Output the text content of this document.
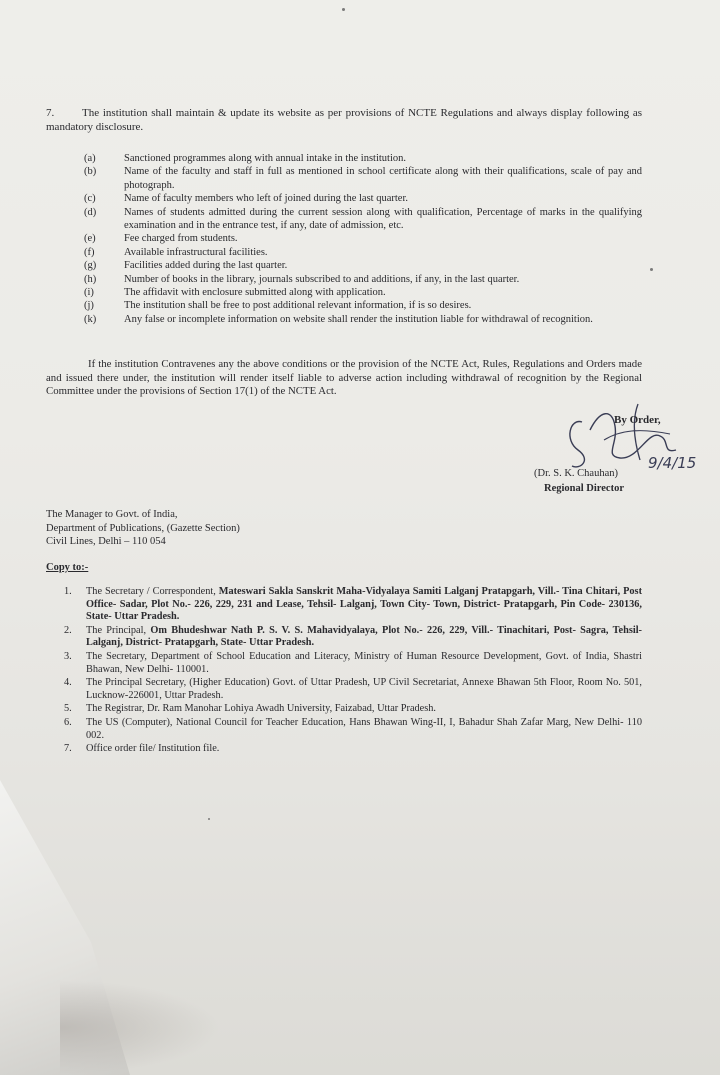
7.	The institution shall maintain & update its website as per provisions of NCTE Regulations and always display following as mandatory disclosure.
(a)	Sanctioned programmes along with annual intake in the institution.
(b)	Name of the faculty and staff in full as mentioned in school certificate along with their qualifications, scale of pay and photograph.
(c)	Name of faculty members who left of joined during the last quarter.
(d)	Names of students admitted during the current session along with qualification, Percentage of marks in the qualifying examination and in the entrance test, if any, date of admission, etc.
(e)	Fee charged from students.
(f)	Available infrastructural facilities.
(g)	Facilities added during the last quarter.
(h)	Number of books in the library, journals subscribed to and additions, if any, in the last quarter.
(i)	The affidavit with enclosure submitted along with application.
(j)	The institution shall be free to post additional relevant information, if is so desires.
(k)	Any false or incomplete information on website shall render the institution liable for withdrawal of recognition.
If the institution Contravenes any the above conditions or the provision of the NCTE Act, Rules, Regulations and Orders made and issued there under, the institution will render itself liable to adverse action including withdrawal of recognition by the Regional Committee under the provisions of Section 17(1) of the NCTE Act.
9/4/15
By Order,
(Dr. S. K. Chauhan)
Regional Director
The Manager to Govt. of India,
Department of Publications, (Gazette Section)
Civil Lines, Delhi – 110 054
Copy to:-
1.	The Secretary / Correspondent, Mateswari Sakla Sanskrit Maha-Vidyalaya Samiti Lalganj Pratapgarh, Vill.- Tina Chitari, Post Office- Sadar, Plot No.- 226, 229, 231 and Lease, Tehsil- Lalganj, Town City- Town, District- Pratapgarh, Pin Code- 230136, State- Uttar Pradesh.
2.	The Principal, Om Bhudeshwar Nath P. S. V. S. Mahavidyalaya, Plot No.- 226, 229, Vill.- Tinachitari, Post- Sagra, Tehsil- Lalganj, District- Pratapgarh, State- Uttar Pradesh.
3.	The Secretary, Department of School Education and Literacy, Ministry of Human Resource Development, Govt. of India, Shastri Bhawan, New Delhi- 110001.
4.	The Principal Secretary, (Higher Education) Govt. of Uttar Pradesh, UP Civil Secretariat, Annexe Bhawan 5th Floor, Room No. 501, Lucknow-226001, Uttar Pradesh.
5.	The Registrar, Dr. Ram Manohar Lohiya Awadh University, Faizabad, Uttar Pradesh.
6.	The US (Computer), National Council for Teacher Education, Hans Bhawan Wing-II, I, Bahadur Shah Zafar Marg, New Delhi- 110 002.
7.	Office order file/ Institution file.
